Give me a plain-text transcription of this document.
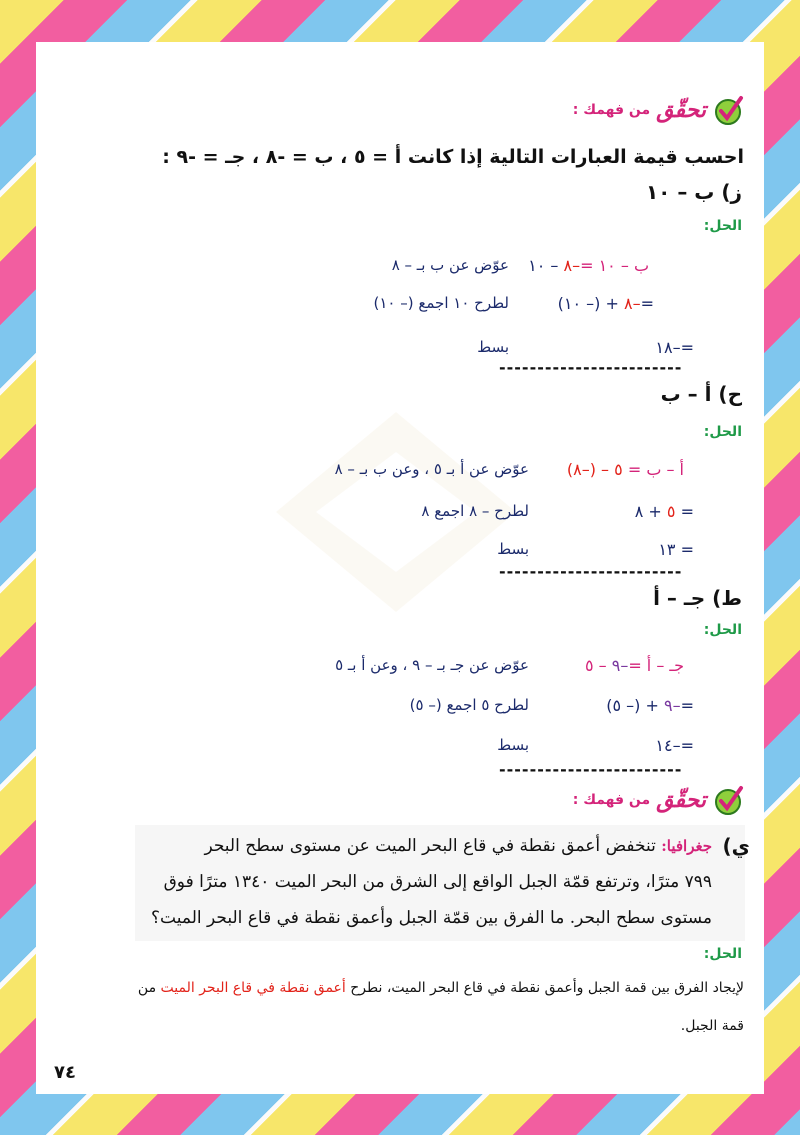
تحقّق
من فهمك :
احسب قيمة العبارات التالية إذا كانت أ = ٥ ، ب = -٨ ، جـ = -٩ :
ز) ب – ١٠
الحل:
ب – ١٠ =–٨ – ١٠
عوّض عن ب بـ – ٨
=–٨ + (– ١٠)
لطرح ١٠ اجمع (– ١٠)
=–١٨
بسط
------------------------
ح) أ – ب
الحل:
أ – ب = ٥ – (–٨)
عوّض عن أ بـ ٥ ، وعن ب بـ – ٨
= ٥ + ٨
لطرح – ٨ اجمع ٨
= ١٣
بسط
------------------------
ط) جـ – أ
الحل:
جـ – أ =–٩ – ٥
عوّض عن جـ بـ – ٩ ، وعن أ بـ ٥
=–٩ + (– ٥)
لطرح ٥ اجمع (– ٥)
=–١٤
بسط
------------------------
تحقّق
من فهمك :
ي)
جغرافيا: تنخفض أعمق نقطة في قاع البحر الميت عن مستوى سطح البحر
٧٩٩ مترًا، وترتفع قمّة الجبل الواقع إلى الشرق من البحر الميت ١٣٤٠ مترًا فوق
مستوى سطح البحر. ما الفرق بين قمّة الجبل وأعمق نقطة في قاع البحر الميت؟
الحل:
لإيجاد الفرق بين قمة الجبل وأعمق نقطة في قاع البحر الميت، نطرح أعمق نقطة في قاع البحر الميت من
قمة الجبل.
٧٤
